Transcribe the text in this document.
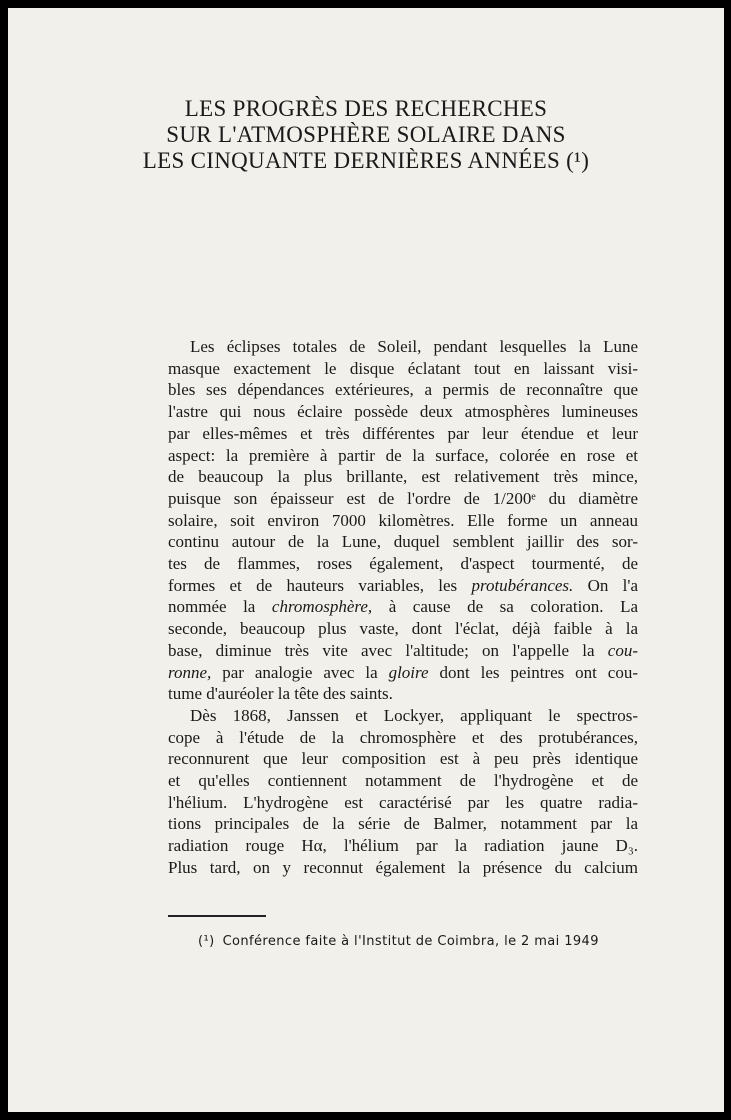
LES PROGRÈS DES RECHERCHES
SUR L'ATMOSPHÈRE SOLAIRE DANS
LES CINQUANTE DERNIÈRES ANNÉES (¹)
Les éclipses totales de Soleil, pendant lesquelles la Lune
masque exactement le disque éclatant tout en laissant visi-
bles ses dépendances extérieures, a permis de reconnaître que
l'astre qui nous éclaire possède deux atmosphères lumineuses
par elles-mêmes et très différentes par leur étendue et leur
aspect: la première à partir de la surface, colorée en rose et
de beaucoup la plus brillante, est relativement très mince,
puisque son épaisseur est de l'ordre de 1/200ᵉ du diamètre
solaire, soit environ 7000 kilomètres. Elle forme un anneau
continu autour de la Lune, duquel semblent jaillir des sor-
tes de flammes, roses également, d'aspect tourmenté, de
formes et de hauteurs variables, les protubérances. On l'a
nommée la chromosphère, à cause de sa coloration. La
seconde, beaucoup plus vaste, dont l'éclat, déjà faible à la
base, diminue très vite avec l'altitude; on l'appelle la cou-
ronne, par analogie avec la gloire dont les peintres ont cou-
tume d'auréoler la tête des saints.
Dès 1868, Janssen et Lockyer, appliquant le spectros-
cope à l'étude de la chromosphère et des protubérances,
reconnurent que leur composition est à peu près identique
et qu'elles contiennent notamment de l'hydrogène et de
l'hélium. L'hydrogène est caractérisé par les quatre radia-
tions principales de la série de Balmer, notamment par la
radiation rouge Hα, l'hélium par la radiation jaune D₃.
Plus tard, on y reconnut également la présence du calcium
(¹) Conférence faite à l'Institut de Coimbra, le 2 mai 1949
